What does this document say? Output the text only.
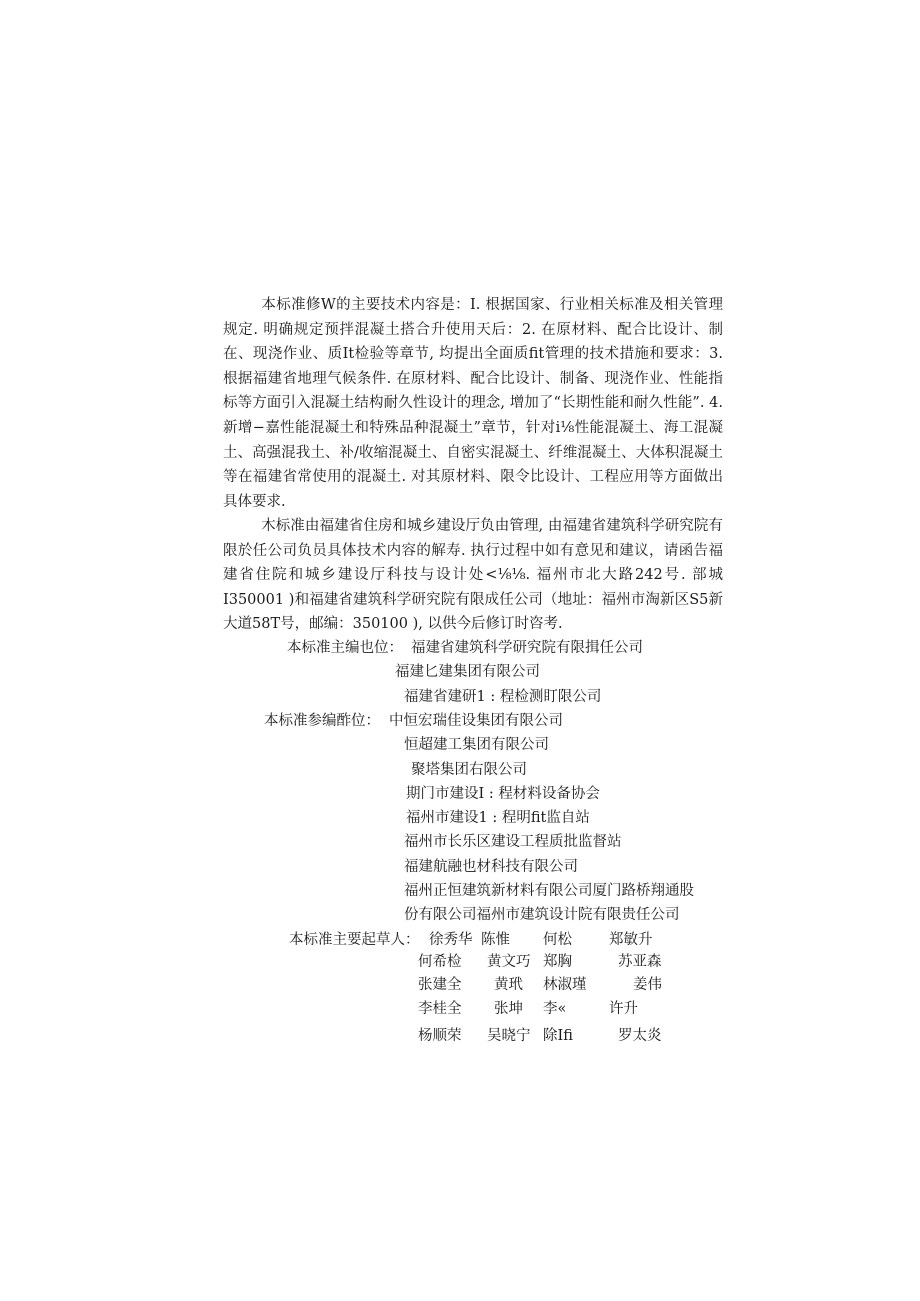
本标准修W的主要技术内容是：I. 根据国家、行业相关标准及相关管理规定. 明确规定预拌混凝土搭合升使用天后：2. 在原材料、配合比设计、制在、现浇作业、质It检验等章节, 均提出全面质fit管理的技术措施和要求：3. 根据福建省地理气候条件. 在原材料、配合比设计、制备、现浇作业、性能指标等方面引入混凝土结构耐久性设计的理念, 增加了“长期性能和耐久性能”. 4.新增−嘉性能混凝土和特殊品种混凝土”章节，针对i⅛性能混凝土、海工混凝土、高强混我土、补/收缩混凝土、自密实混凝土、纤维混凝土、大体积混凝土等在福建省常使用的混凝土. 对其原材料、限令比设计、工程应用等方面做出具体要求.

木标准由福建省住房和城乡建设厅负由管理, 由福建省建筑科学研究院有限於任公司负员具体技术内容的解寿. 执行过程中如有意见和建议，请函告福建省住院和城乡建设厅科技与设计处<⅛⅛. 福州市北大路242号. 部城I350001 )和福建省建筑科学研究院有限成任公司（地址：福州市淘新区S5新大道58T号，邮编：350100 ), 以供今后修订时咨考.

本标准主编也位： 福建省建筑科学研究院有限揖任公司
福建匕建集团有限公司
福建省建研1 : 程检测盯限公司
本标准参编酢位： 中恒宏瑞佳设集团有限公司
恒超建工集团有限公司
聚塔集团右限公司
期门市建设I : 程材料设备协会
福州市建设1 : 程明fit监自站
福州市长乐区建设工程质批监督站
福建航融也材科技有限公司
福州正恒建筑新材料有限公司厦门路桥翔通股
份有限公司福州市建筑设计院有限贵任公司
本标准主要起草人： 徐秀华 陈惟 何松	郑敏升
何希检 黄文巧 郑胸	苏亚森
张建全 黄玳 林淑瑾	姜伟
李桂全 张坤 李«	许升
杨顺荣 吴晓宁 除Ifi	罗太炎
